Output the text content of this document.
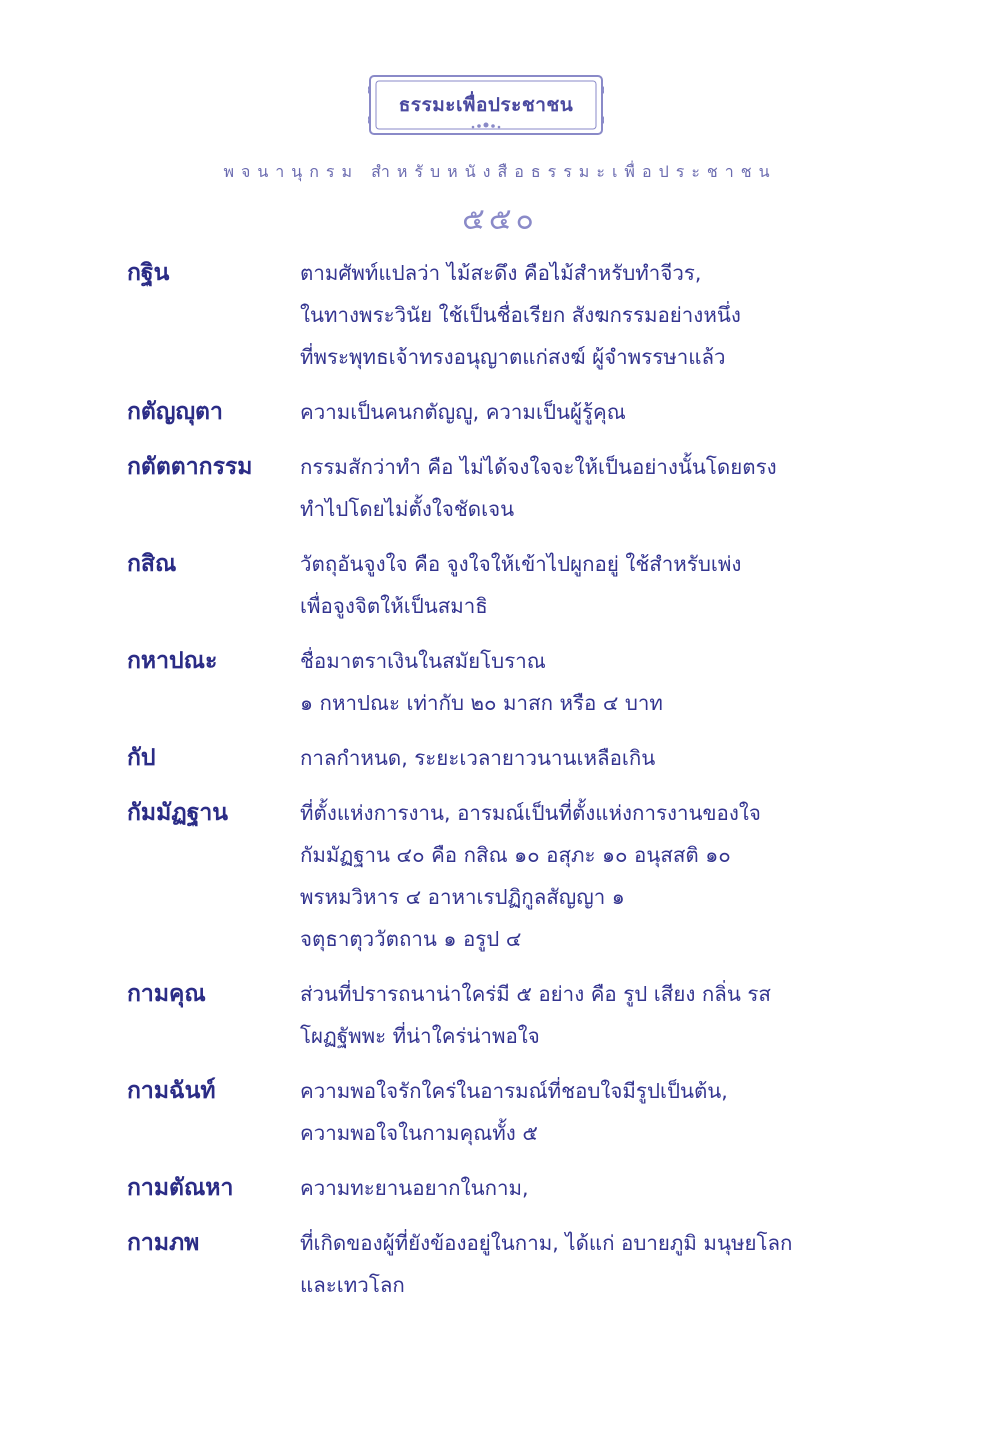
ธรรมะเพื่อประชาชน
พจนานุกรม สำหรับหนังสือธรรมะเพื่อประชาชน
๕๕๐
กฐิน	ตามศัพท์แปลว่า ไม้สะดึง คือไม้สำหรับทำจีวร,
ในทางพระวินัย ใช้เป็นชื่อเรียก สังฆกรรมอย่างหนึ่ง
ที่พระพุทธเจ้าทรงอนุญาตแก่สงฆ์ ผู้จำพรรษาแล้ว
กตัญญุตา	ความเป็นคนกตัญญู, ความเป็นผู้รู้คุณ
กตัตตากรรม	กรรมสักว่าทำ คือ ไม่ได้จงใจจะให้เป็นอย่างนั้นโดยตรง
ทำไปโดยไม่ตั้งใจชัดเจน
กสิณ	วัตถุอันจูงใจ คือ จูงใจให้เข้าไปผูกอยู่ ใช้สำหรับเพ่ง
เพื่อจูงจิตให้เป็นสมาธิ
กหาปณะ	ชื่อมาตราเงินในสมัยโบราณ
๑ กหาปณะ เท่ากับ ๒๐ มาสก หรือ ๔ บาท
กัป	กาลกำหนด, ระยะเวลายาวนานเหลือเกิน
กัมมัฏฐาน	ที่ตั้งแห่งการงาน, อารมณ์เป็นที่ตั้งแห่งการงานของใจ
กัมมัฏฐาน ๔๐ คือ กสิณ ๑๐ อสุภะ ๑๐ อนุสสติ ๑๐
พรหมวิหาร ๔ อาหาเรปฏิกูลสัญญา ๑
จตุธาตุววัตถาน ๑ อรูป ๔
กามคุณ	ส่วนที่ปรารถนาน่าใคร่มี ๕ อย่าง คือ รูป เสียง กลิ่น รส
โผฏฐัพพะ ที่น่าใคร่น่าพอใจ
กามฉันท์	ความพอใจรักใคร่ในอารมณ์ที่ชอบใจมีรูปเป็นต้น,
ความพอใจในกามคุณทั้ง ๕
กามตัณหา	ความทะยานอยากในกาม,
กามภพ	ที่เกิดของผู้ที่ยังข้องอยู่ในกาม, ได้แก่ อบายภูมิ มนุษยโลก
และเทวโลก
